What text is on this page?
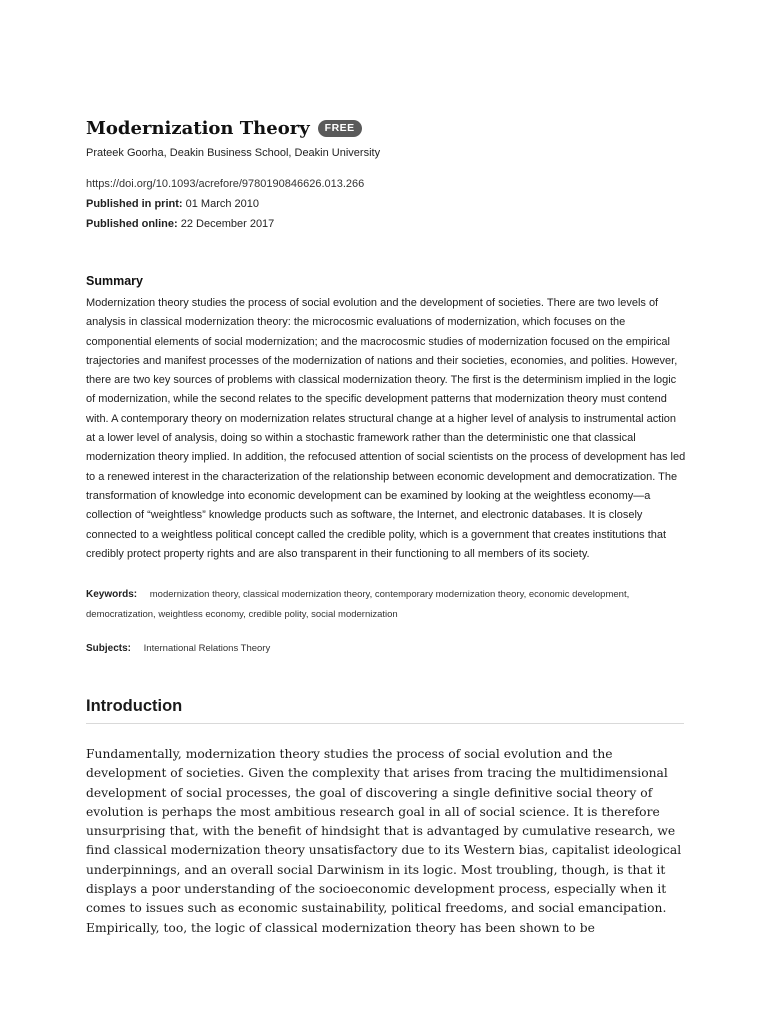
Modernization Theory	FREE
Prateek Goorha, Deakin Business School, Deakin University
https://doi.org/10.1093/acrefore/9780190846626.013.266
Published in print: 01 March 2010
Published online: 22 December 2017
Summary
Modernization theory studies the process of social evolution and the development of societies. There are two levels of analysis in classical modernization theory: the microcosmic evaluations of modernization, which focuses on the componential elements of social modernization; and the macrocosmic studies of modernization focused on the empirical trajectories and manifest processes of the modernization of nations and their societies, economies, and polities. However, there are two key sources of problems with classical modernization theory. The first is the determinism implied in the logic of modernization, while the second relates to the specific development patterns that modernization theory must contend with. A contemporary theory on modernization relates structural change at a higher level of analysis to instrumental action at a lower level of analysis, doing so within a stochastic framework rather than the deterministic one that classical modernization theory implied. In addition, the refocused attention of social scientists on the process of development has led to a renewed interest in the characterization of the relationship between economic development and democratization. The transformation of knowledge into economic development can be examined by looking at the weightless economy—a collection of “weightless” knowledge products such as software, the Internet, and electronic databases. It is closely connected to a weightless political concept called the credible polity, which is a government that creates institutions that credibly protect property rights and are also transparent in their functioning to all members of its society.
Keywords: modernization theory, classical modernization theory, contemporary modernization theory, economic development, democratization, weightless economy, credible polity, social modernization
Subjects: International Relations Theory
Introduction
Fundamentally, modernization theory studies the process of social evolution and the development of societies. Given the complexity that arises from tracing the multidimensional development of social processes, the goal of discovering a single definitive social theory of evolution is perhaps the most ambitious research goal in all of social science. It is therefore unsurprising that, with the benefit of hindsight that is advantaged by cumulative research, we find classical modernization theory unsatisfactory due to its Western bias, capitalist ideological underpinnings, and an overall social Darwinism in its logic. Most troubling, though, is that it displays a poor understanding of the socioeconomic development process, especially when it comes to issues such as economic sustainability, political freedoms, and social emancipation. Empirically, too, the logic of classical modernization theory has been shown to be
